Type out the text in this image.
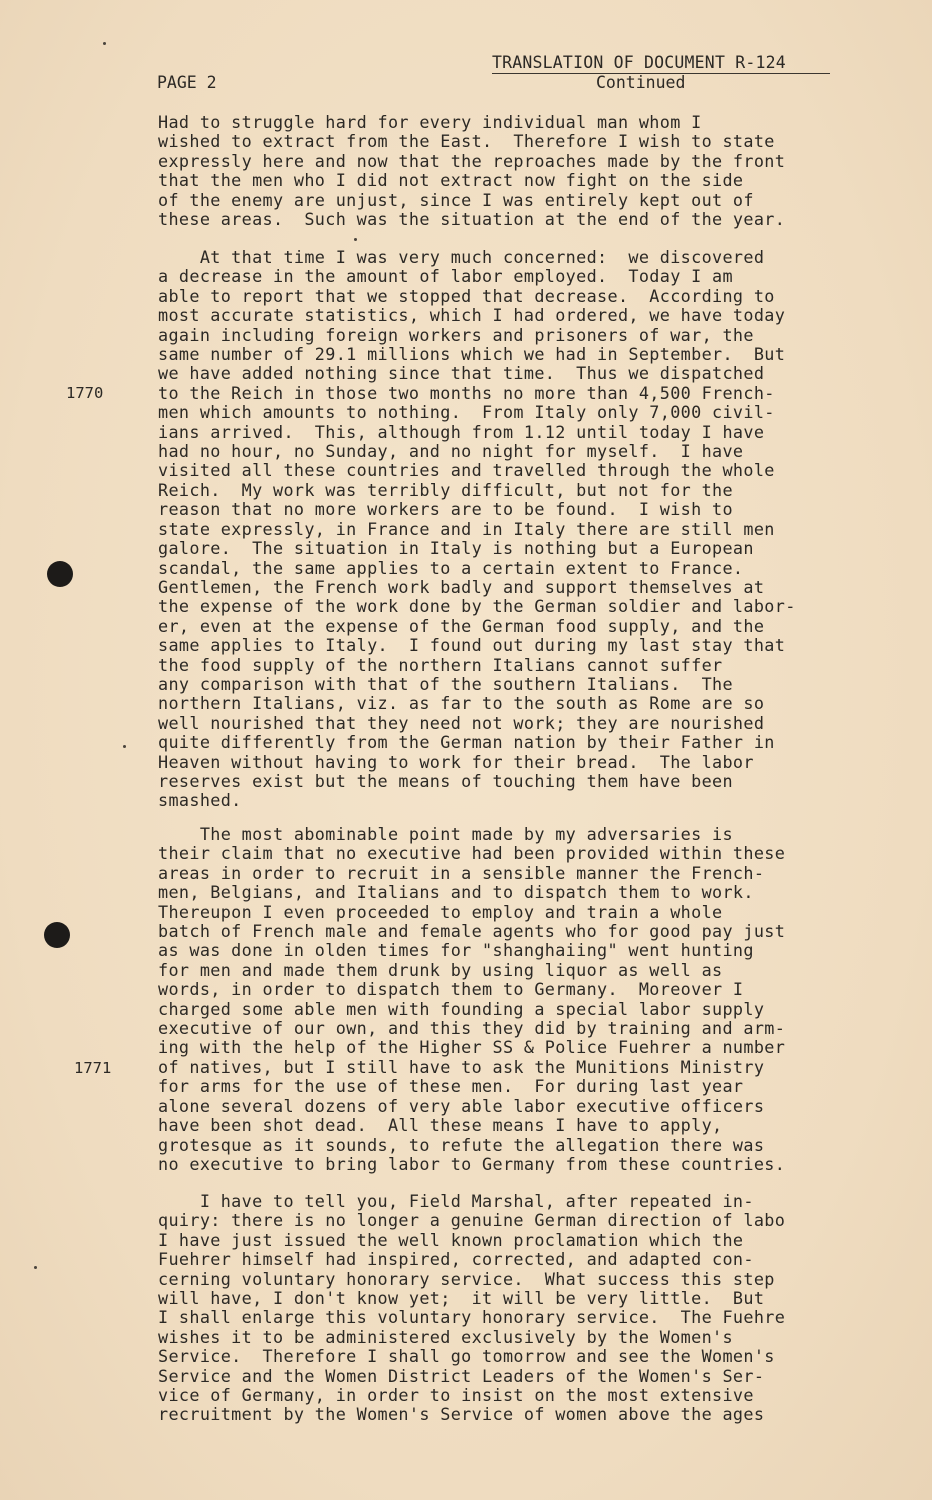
TRANSLATION OF DOCUMENT R-124
Continued
PAGE 2
1770
1771
Had to struggle hard for every individual man whom I
wished to extract from the East.  Therefore I wish to state
expressly here and now that the reproaches made by the front
that the men who I did not extract now fight on the side
of the enemy are unjust, since I was entirely kept out of
these areas.  Such was the situation at the end of the year.
At that time I was very much concerned:  we discovered
a decrease in the amount of labor employed.  Today I am
able to report that we stopped that decrease.  According to
most accurate statistics, which I had ordered, we have today
again including foreign workers and prisoners of war, the
same number of 29.1 millions which we had in September.  But
we have added nothing since that time.  Thus we dispatched
to the Reich in those two months no more than 4,500 French-
men which amounts to nothing.  From Italy only 7,000 civil-
ians arrived.  This, although from 1.12 until today I have
had no hour, no Sunday, and no night for myself.  I have
visited all these countries and travelled through the whole
Reich.  My work was terribly difficult, but not for the
reason that no more workers are to be found.  I wish to
state expressly, in France and in Italy there are still men
galore.  The situation in Italy is nothing but a European
scandal, the same applies to a certain extent to France.
Gentlemen, the French work badly and support themselves at
the expense of the work done by the German soldier and labor-
er, even at the expense of the German food supply, and the
same applies to Italy.  I found out during my last stay that
the food supply of the northern Italians cannot suffer
any comparison with that of the southern Italians.  The
northern Italians, viz. as far to the south as Rome are so
well nourished that they need not work; they are nourished
quite differently from the German nation by their Father in
Heaven without having to work for their bread.  The labor
reserves exist but the means of touching them have been
smashed.
The most abominable point made by my adversaries is
their claim that no executive had been provided within these
areas in order to recruit in a sensible manner the French-
men, Belgians, and Italians and to dispatch them to work.
Thereupon I even proceeded to employ and train a whole
batch of French male and female agents who for good pay just
as was done in olden times for "shanghaiing" went hunting
for men and made them drunk by using liquor as well as
words, in order to dispatch them to Germany.  Moreover I
charged some able men with founding a special labor supply
executive of our own, and this they did by training and arm-
ing with the help of the Higher SS & Police Fuehrer a number
of natives, but I still have to ask the Munitions Ministry
for arms for the use of these men.  For during last year
alone several dozens of very able labor executive officers
have been shot dead.  All these means I have to apply,
grotesque as it sounds, to refute the allegation there was
no executive to bring labor to Germany from these countries.
I have to tell you, Field Marshal, after repeated in-
quiry: there is no longer a genuine German direction of labo
I have just issued the well known proclamation which the
Fuehrer himself had inspired, corrected, and adapted con-
cerning voluntary honorary service.  What success this step
will have, I don't know yet;  it will be very little.  But
I shall enlarge this voluntary honorary service.  The Fuehre
wishes it to be administered exclusively by the Women's
Service.  Therefore I shall go tomorrow and see the Women's
Service and the Women District Leaders of the Women's Ser-
vice of Germany, in order to insist on the most extensive
recruitment by the Women's Service of women above the ages
